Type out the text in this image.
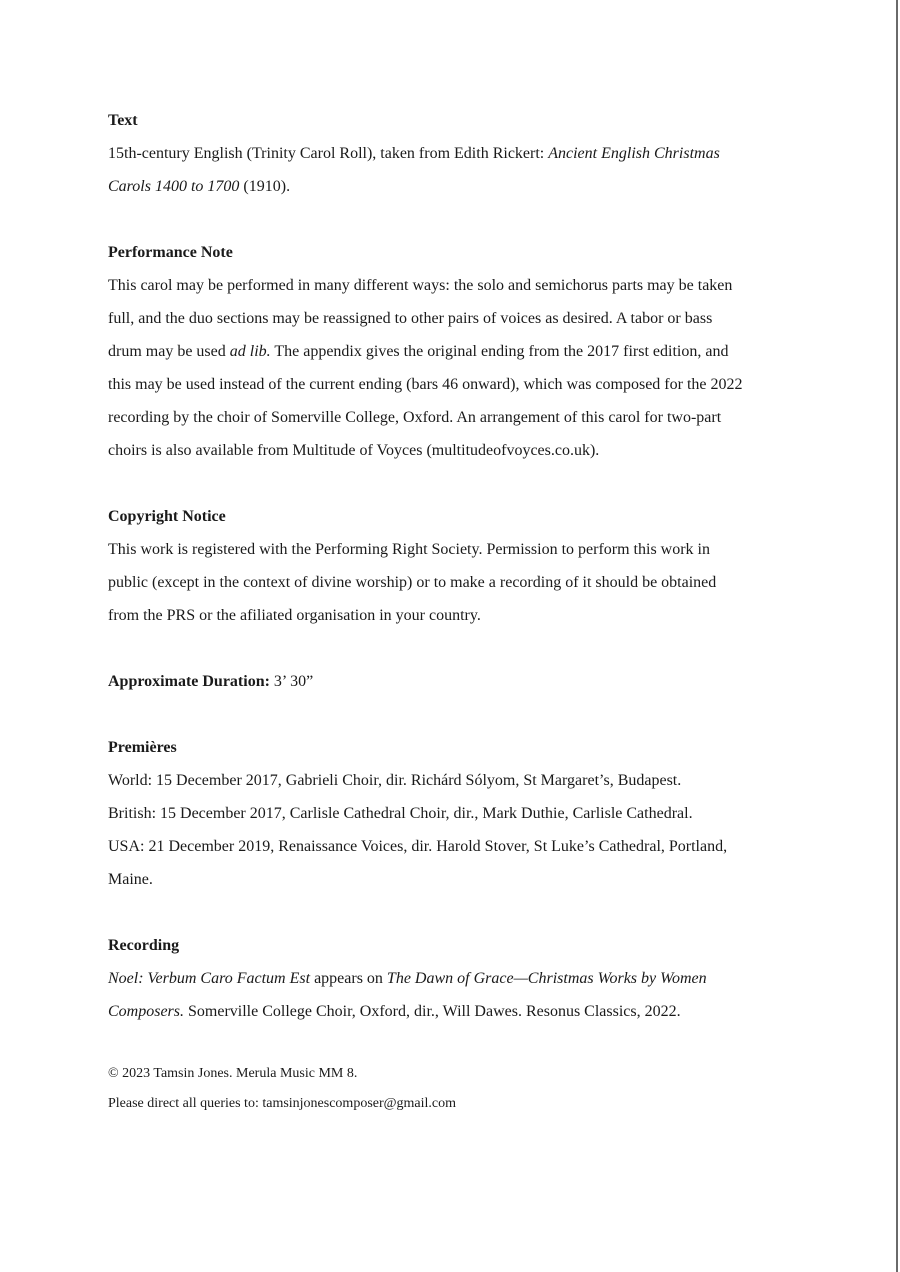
Text
15th-century English (Trinity Carol Roll), taken from Edith Rickert: Ancient English Christmas
Carols 1400 to 1700 (1910).
Performance Note
This carol may be performed in many different ways: the solo and semichorus parts may be taken
full, and the duo sections may be reassigned to other pairs of voices as desired. A tabor or bass
drum may be used ad lib. The appendix gives the original ending from the 2017 first edition, and
this may be used instead of the current ending (bars 46 onward), which was composed for the 2022
recording by the choir of Somerville College, Oxford. An arrangement of this carol for two-part
choirs is also available from Multitude of Voyces (multitudeofvoyces.co.uk).
Copyright Notice
This work is registered with the Performing Right Society. Permission to perform this work in
public (except in the context of divine worship) or to make a recording of it should be obtained
from the PRS or the afiliated organisation in your country.
Approximate Duration: 3’ 30”
Premières
World: 15 December 2017, Gabrieli Choir, dir. Richárd Sólyom, St Margaret’s, Budapest.
British: 15 December 2017, Carlisle Cathedral Choir, dir., Mark Duthie, Carlisle Cathedral.
USA: 21 December 2019, Renaissance Voices, dir. Harold Stover, St Luke’s Cathedral, Portland,
Maine.
Recording
Noel: Verbum Caro Factum Est appears on The Dawn of Grace—Christmas Works by Women
Composers. Somerville College Choir, Oxford, dir., Will Dawes. Resonus Classics, 2022.
© 2023 Tamsin Jones. Merula Music MM 8.
Please direct all queries to: tamsinjonescomposer@gmail.com
